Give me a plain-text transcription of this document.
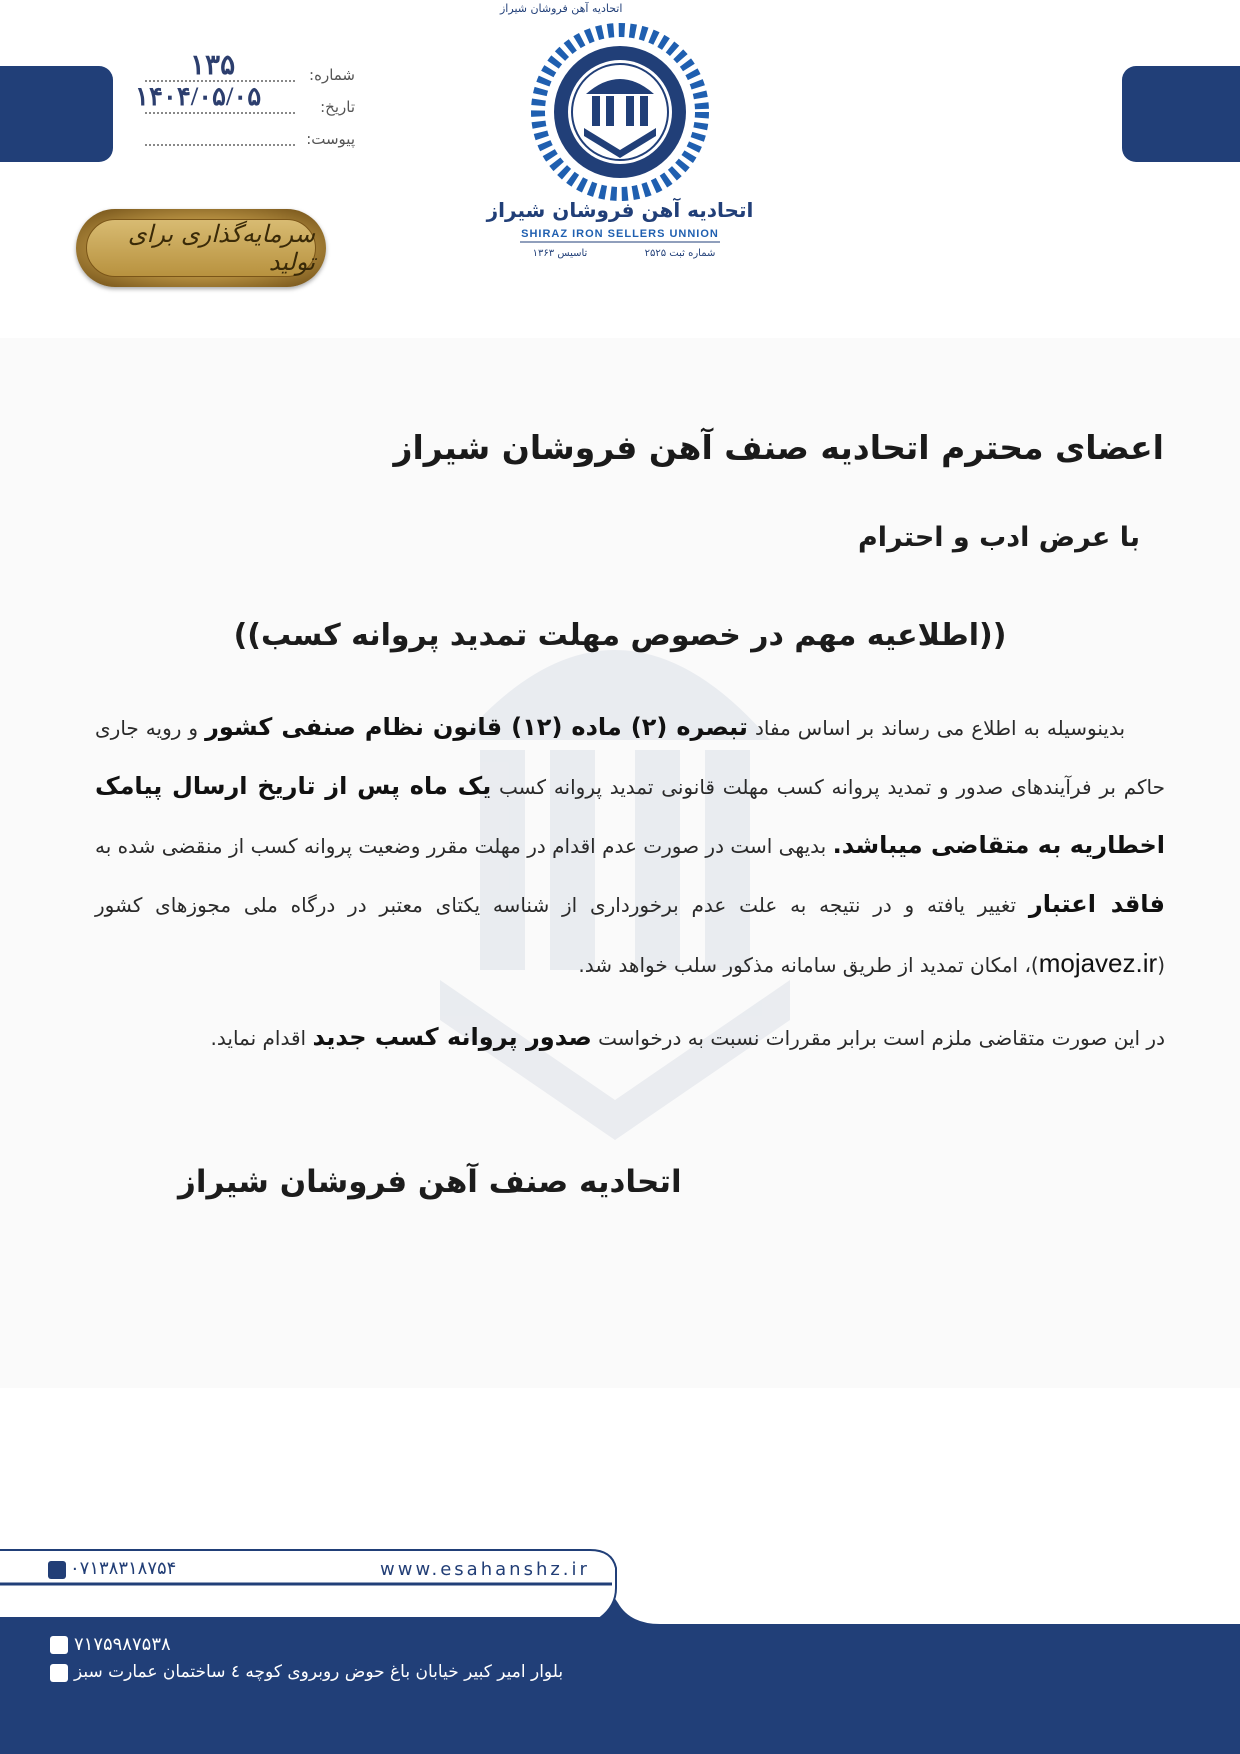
شماره:
۱۳۵
تاریخ:
۱۴۰۴/۰۵/۰۵
پیوست:
سرمایه‌گذاری برای تولید
اتحادیه آهن فروشان شیراز
اتحادیه آهن فروشان شیراز
SHIRAZ IRON SELLERS UNNION
تاسیس ۱۳۶۳	شماره ثبت ۲۵۲۵
اعضای محترم اتحادیه صنف آهن فروشان شیراز
با عرض ادب و احترام
((اطلاعیه مهم در خصوص مهلت تمدید پروانه کسب))

بدینوسیله به اطلاع می رساند بر اساس مفاد تبصره (۲) ماده (۱۲) قانون نظام صنفی کشور و رویه جاری حاکم بر فرآیندهای صدور و تمدید پروانه کسب مهلت قانونی تمدید پروانه کسب یک ماه پس از تاریخ ارسال پیامک اخطاریه به متقاضی میباشد. بدیهی است در صورت عدم اقدام در مهلت مقرر وضعیت پروانه کسب از منقضی شده به فاقد اعتبار تغییر یافته و در نتیجه به علت عدم برخورداری از شناسه یکتای معتبر در درگاه ملی مجوزهای کشور (mojavez.ir)، امکان تمدید از طریق سامانه مذکور سلب خواهد شد.

در این صورت متقاضی ملزم است برابر مقررات نسبت به درخواست صدور پروانه کسب جدید اقدام نماید.

اتحادیه صنف آهن فروشان شیراز
۰۷۱۳۸۳۱۸۷۵۴	www.esahanshz.ir
۰۷۱۳۸۳۱۸۷۵۳
۷۱۷۵۹۸۷۵۳۸
بلوار امیر کبیر خیابان باغ حوض روبروی کوچه ٤ ساختمان عمارت سبز
